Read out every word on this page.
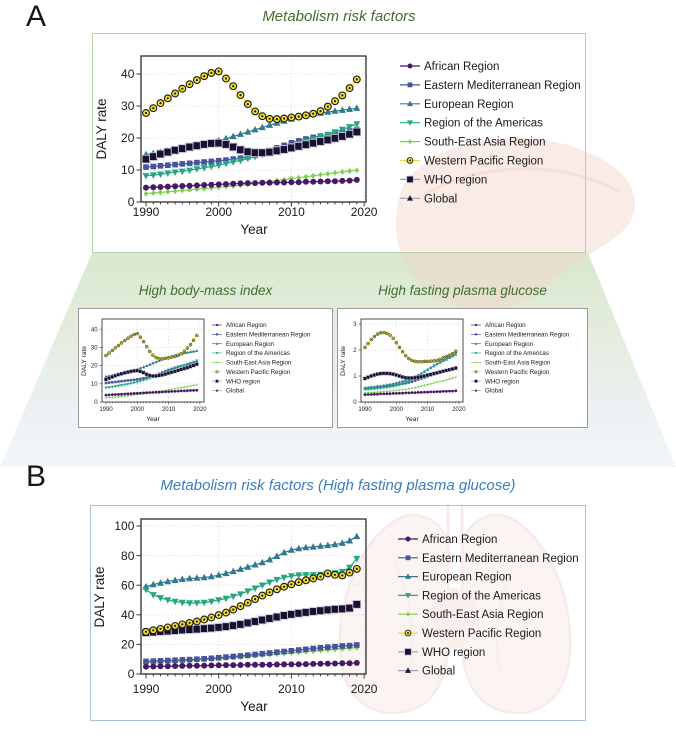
A	Metabolism risk factors
0
10
20
30
40
1990	2000	2010	2020
Year
DALY rate
African Region
Eastern Mediterranean Region
European Region
Region of the Americas
South-East Asia Region
Western Pacific Region
WHO region
Global
High body-mass index
0
10
20
30
40
1990	2000	2010	2020
Year
DALY rate
African Region
Eastern Mediterranean Region
European Region
Region of the Americas
South-East Asia Region
Western Pacific Region
WHO region
Global
High fasting plasma glucose
0
1
2
3
1990	2000	2010	2020
Year
DALY rate
African Region
Eastern Mediterranean Region
European Region
Region of the Americas
South-East Asia Region
Western Pacific Region
WHO region
Global
B	Metabolism risk factors (High fasting plasma glucose)
0
20
40
60
80
100
1990	2000	2010	2020
Year
DALY rate
African Region
Eastern Mediterranean Region
European Region
Region of the Americas
South-East Asia Region
Western Pacific Region
WHO region
Global
